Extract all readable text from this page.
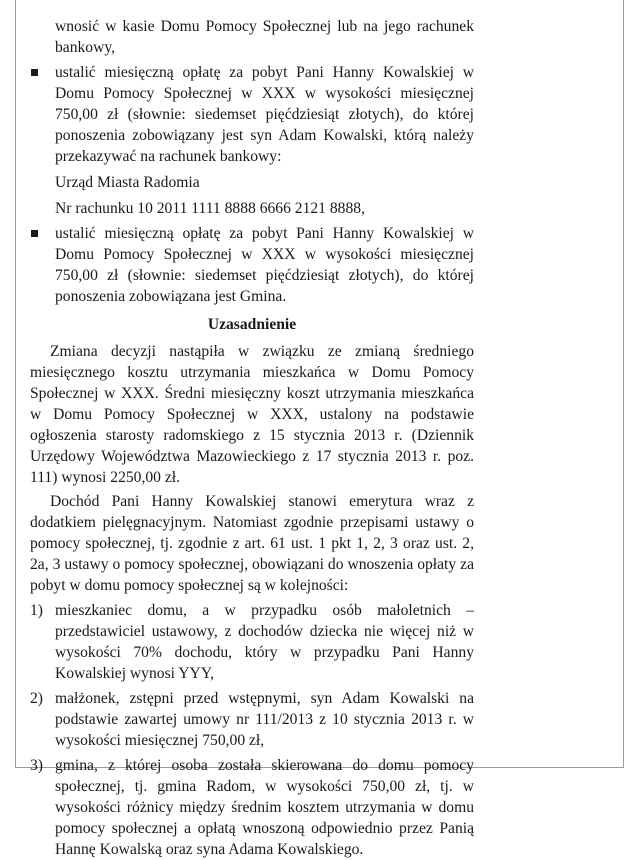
wnosić w kasie Domu Pomocy Społecznej lub na jego rachunek bankowy,

ustalić miesięczną opłatę za pobyt Pani Hanny Kowalskiej w Domu Pomocy Społecznej w XXX w wysokości miesięcznej 750,00 zł (słownie: siedemset pięćdziesiąt złotych), do której ponoszenia zobowiązany jest syn Adam Kowalski, którą należy przekazywać na rachunek bankowy:

Urząd Miasta Radomia

Nr rachunku 10 2011 1111 8888 6666 2121 8888,

ustalić miesięczną opłatę za pobyt Pani Hanny Kowalskiej w Domu Pomocy Społecznej w XXX w wysokości miesięcznej 750,00 zł (słownie: siedemset pięćdziesiąt złotych), do której ponoszenia zobowiązana jest Gmina.

Uzasadnienie

Zmiana decyzji nastąpiła w związku ze zmianą średniego miesięcznego kosztu utrzymania mieszkańca w Domu Pomocy Społecznej w XXX. Średni miesięczny koszt utrzymania mieszkańca w Domu Pomocy Społecznej w XXX, ustalony na podstawie ogłoszenia starosty radomskiego z 15 stycznia 2013 r. (Dziennik Urzędowy Województwa Mazowieckiego z 17 stycznia 2013 r. poz. 111) wynosi 2250,00 zł.

Dochód Pani Hanny Kowalskiej stanowi emerytura wraz z dodatkiem pielęgnacyjnym. Natomiast zgodnie przepisami ustawy o pomocy społecznej, tj. zgodnie z art. 61 ust. 1 pkt 1, 2, 3 oraz ust. 2, 2a, 3 ustawy o pomocy społecznej, obowiązani do wnoszenia opłaty za pobyt w domu pomocy społecznej są w kolejności:

1) mieszkaniec domu, a w przypadku osób małoletnich – przedstawiciel ustawowy, z dochodów dziecka nie więcej niż w wysokości 70% dochodu, który w przypadku Pani Hanny Kowalskiej wynosi YYY,

2) małżonek, zstępni przed wstępnymi, syn Adam Kowalski na podstawie zawartej umowy nr 111/2013 z 10 stycznia 2013 r. w wysokości miesięcznej 750,00 zł,

3) gmina, z której osoba została skierowana do domu pomocy społecznej, tj. gmina Radom, w wysokości 750,00 zł, tj. w wysokości różnicy między średnim kosztem utrzymania w domu pomocy społecznej a opłatą wnoszoną odpowiednio przez Panią Hannę Kowalską oraz syna Adama Kowalskiego.
